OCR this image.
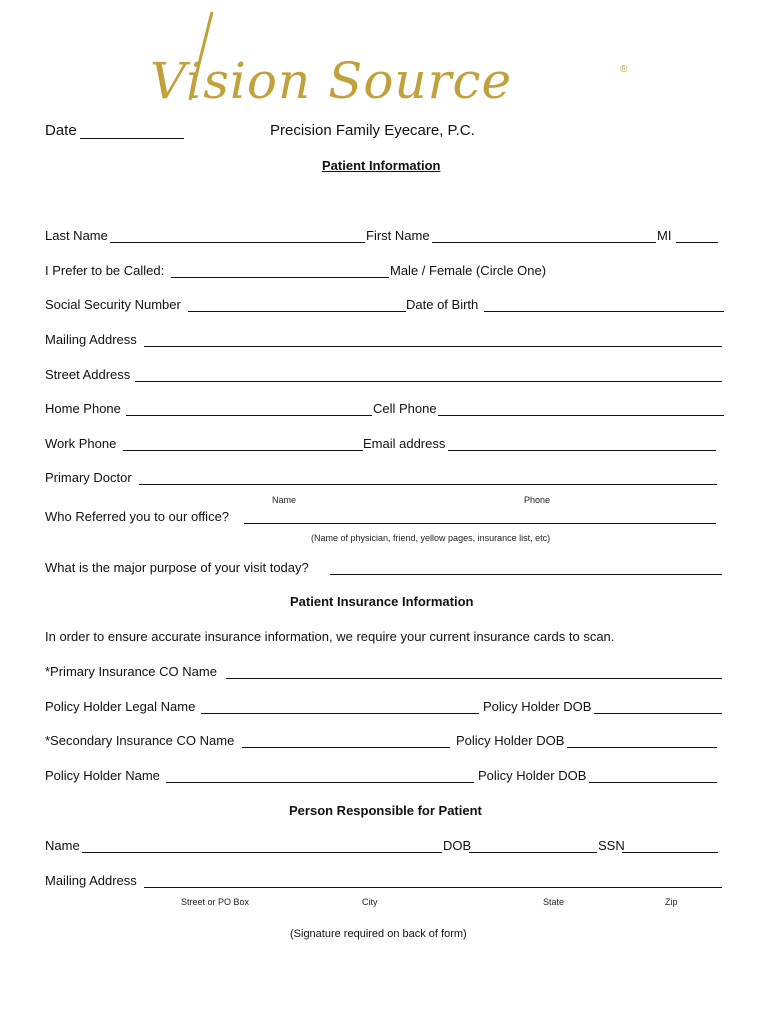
Vision Source	®
Date	Precision Family Eyecare, P.C.
Patient Information
Last Name	First Name	MI
I Prefer to be Called:	Male / Female (Circle One)
Social Security Number	Date of Birth
Mailing Address
Street Address
Home Phone	Cell Phone
Work Phone	Email address
Primary Doctor
Name	Phone
Who Referred you to our office?
(Name of physician, friend, yellow pages, insurance list, etc)
What is the major purpose of your visit today?
Patient Insurance Information
In order to ensure accurate insurance information, we require your current insurance cards to scan.
*Primary Insurance CO Name
Policy Holder Legal Name	Policy Holder DOB
*Secondary Insurance CO Name	Policy Holder DOB
Policy Holder Name	Policy Holder DOB
Person Responsible for Patient
Name	DOB	SSN
Mailing Address
Street or PO Box	City	State	Zip
(Signature required on back of form)
